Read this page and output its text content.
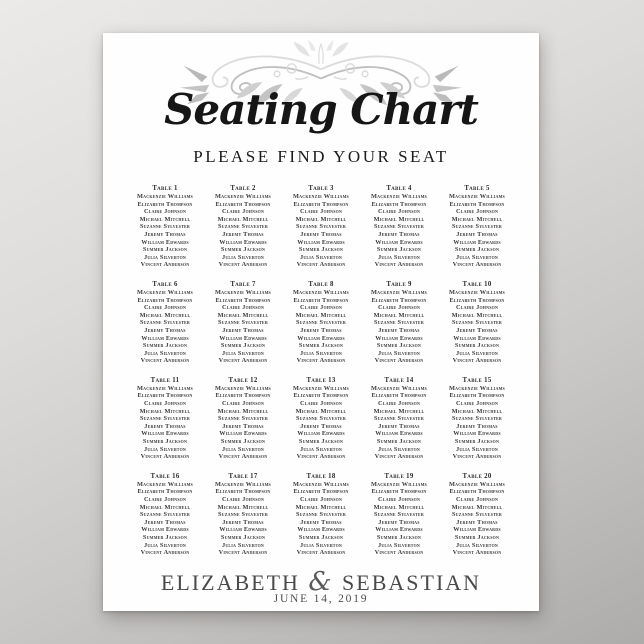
Seating Chart
PLEASE FIND YOUR SEAT
Table 1
Mackenzie Williams
Elizabeth Thompson
Claire Johnson
Michael Mitchell
Suzanne Sylvester
Jeremy Thomas
William Edwards
Summer Jackson
Julia Silverton
Vincent Anderson
Table 2
Mackenzie Williams
Elizabeth Thompson
Claire Johnson
Michael Mitchell
Suzanne Sylvester
Jeremy Thomas
William Edwards
Summer Jackson
Julia Silverton
Vincent Anderson
Table 3
Mackenzie Williams
Elizabeth Thompson
Claire Johnson
Michael Mitchell
Suzanne Sylvester
Jeremy Thomas
William Edwards
Summer Jackson
Julia Silverton
Vincent Anderson
Table 4
Mackenzie Williams
Elizabeth Thompson
Claire Johnson
Michael Mitchell
Suzanne Sylvester
Jeremy Thomas
William Edwards
Summer Jackson
Julia Silverton
Vincent Anderson
Table 5
Mackenzie Williams
Elizabeth Thompson
Claire Johnson
Michael Mitchell
Suzanne Sylvester
Jeremy Thomas
William Edwards
Summer Jackson
Julia Silverton
Vincent Anderson
Table 6
Mackenzie Williams
Elizabeth Thompson
Claire Johnson
Michael Mitchell
Suzanne Sylvester
Jeremy Thomas
William Edwards
Summer Jackson
Julia Silverton
Vincent Anderson
Table 7
Mackenzie Williams
Elizabeth Thompson
Claire Johnson
Michael Mitchell
Suzanne Sylvester
Jeremy Thomas
William Edwards
Summer Jackson
Julia Silverton
Vincent Anderson
Table 8
Mackenzie Williams
Elizabeth Thompson
Claire Johnson
Michael Mitchell
Suzanne Sylvester
Jeremy Thomas
William Edwards
Summer Jackson
Julia Silverton
Vincent Anderson
Table 9
Mackenzie Williams
Elizabeth Thompson
Claire Johnson
Michael Mitchell
Suzanne Sylvester
Jeremy Thomas
William Edwards
Summer Jackson
Julia Silverton
Vincent Anderson
Table 10
Mackenzie Williams
Elizabeth Thompson
Claire Johnson
Michael Mitchell
Suzanne Sylvester
Jeremy Thomas
William Edwards
Summer Jackson
Julia Silverton
Vincent Anderson
Table 11
Mackenzie Williams
Elizabeth Thompson
Claire Johnson
Michael Mitchell
Suzanne Sylvester
Jeremy Thomas
William Edwards
Summer Jackson
Julia Silverton
Vincent Anderson
Table 12
Mackenzie Williams
Elizabeth Thompson
Claire Johnson
Michael Mitchell
Suzanne Sylvester
Jeremy Thomas
William Edwards
Summer Jackson
Julia Silverton
Vincent Anderson
Table 13
Mackenzie Williams
Elizabeth Thompson
Claire Johnson
Michael Mitchell
Suzanne Sylvester
Jeremy Thomas
William Edwards
Summer Jackson
Julia Silverton
Vincent Anderson
Table 14
Mackenzie Williams
Elizabeth Thompson
Claire Johnson
Michael Mitchell
Suzanne Sylvester
Jeremy Thomas
William Edwards
Summer Jackson
Julia Silverton
Vincent Anderson
Table 15
Mackenzie Williams
Elizabeth Thompson
Claire Johnson
Michael Mitchell
Suzanne Sylvester
Jeremy Thomas
William Edwards
Summer Jackson
Julia Silverton
Vincent Anderson
Table 16
Mackenzie Williams
Elizabeth Thompson
Claire Johnson
Michael Mitchell
Suzanne Sylvester
Jeremy Thomas
William Edwards
Summer Jackson
Julia Silverton
Vincent Anderson
Table 17
Mackenzie Williams
Elizabeth Thompson
Claire Johnson
Michael Mitchell
Suzanne Sylvester
Jeremy Thomas
William Edwards
Summer Jackson
Julia Silverton
Vincent Anderson
Table 18
Mackenzie Williams
Elizabeth Thompson
Claire Johnson
Michael Mitchell
Suzanne Sylvester
Jeremy Thomas
William Edwards
Summer Jackson
Julia Silverton
Vincent Anderson
Table 19
Mackenzie Williams
Elizabeth Thompson
Claire Johnson
Michael Mitchell
Suzanne Sylvester
Jeremy Thomas
William Edwards
Summer Jackson
Julia Silverton
Vincent Anderson
Table 20
Mackenzie Williams
Elizabeth Thompson
Claire Johnson
Michael Mitchell
Suzanne Sylvester
Jeremy Thomas
William Edwards
Summer Jackson
Julia Silverton
Vincent Anderson
ELIZABETH & SEBASTIAN
JUNE 14, 2019
